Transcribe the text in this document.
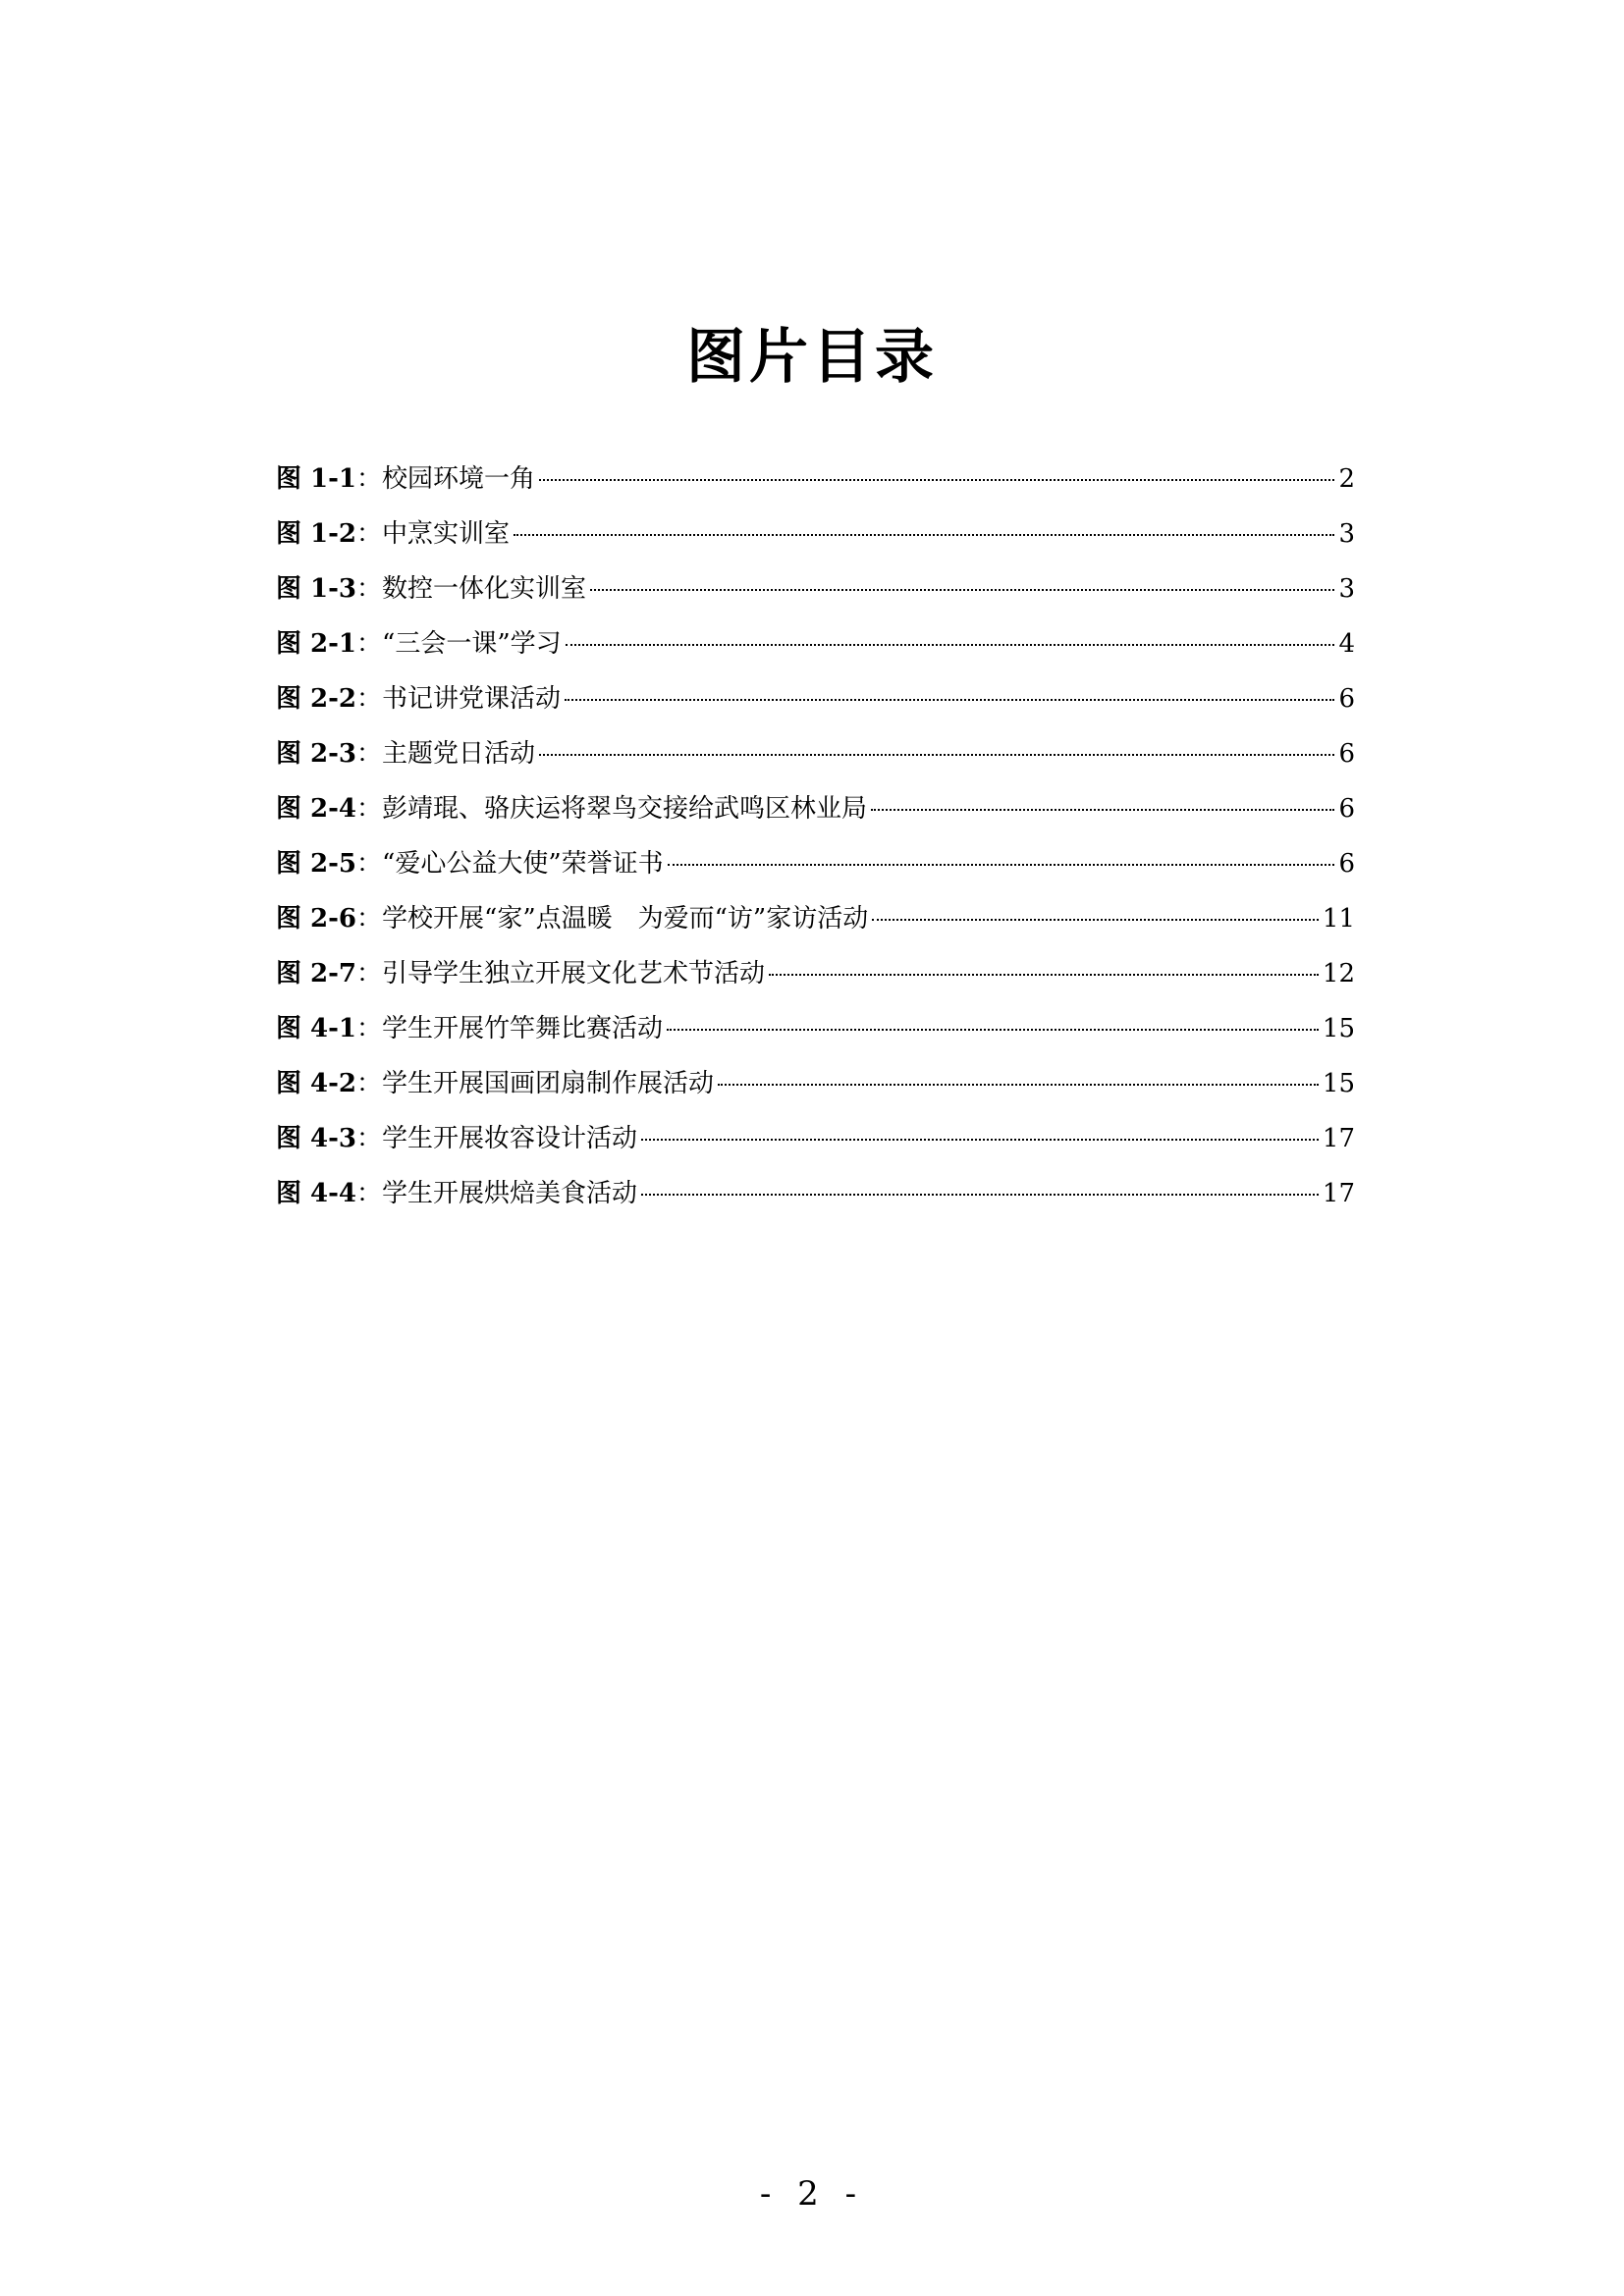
图片目录
图 1-1 ： 校园环境一角	2
图 1-2 ： 中烹实训室	3
图 1-3 ： 数控一体化实训室	3
图 2-1 ： “三会一课”学习	4
图 2-2 ： 书记讲党课活动	6
图 2-3 ： 主题党日活动	6
图 2-4 ： 彭靖琨、骆庆运将翠鸟交接给武鸣区林业局	6
图 2-5 ： “爱心公益大使”荣誉证书	6
图 2-6 ： 学校开展“家”点温暖　为爱而“访”家访活动	11
图 2-7 ： 引导学生独立开展文化艺术节活动	12
图 4-1 ： 学生开展竹竿舞比赛活动	15
图 4-2 ： 学生开展国画团扇制作展活动	15
图 4-3 ： 学生开展妆容设计活动	17
图 4-4 ： 学生开展烘焙美食活动	17
- 2 -
